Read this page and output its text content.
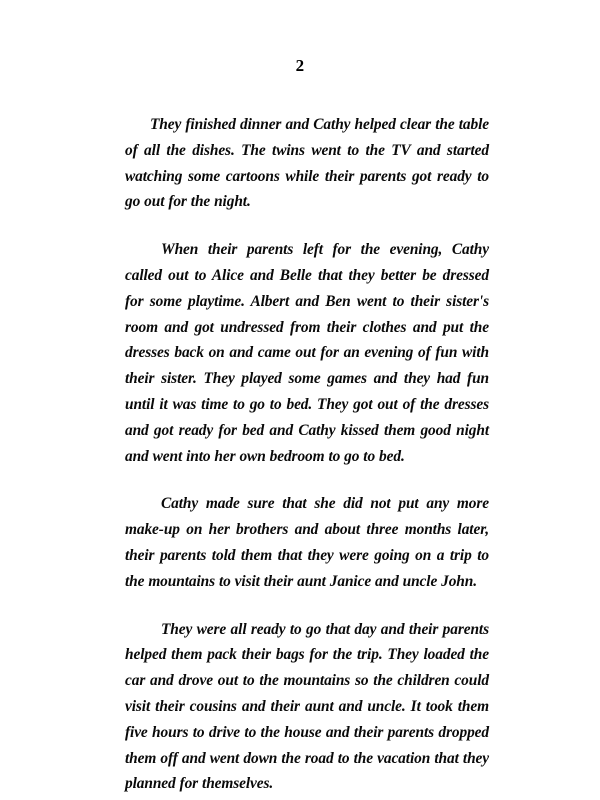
2

They finished dinner and Cathy helped clear the table of all the dishes. The twins went to the TV and started watching some cartoons while their parents got ready to go out for the night.

When their parents left for the evening, Cathy called out to Alice and Belle that they better be dressed for some playtime. Albert and Ben went to their sister's room and got undressed from their clothes and put the dresses back on and came out for an evening of fun with their sister. They played some games and they had fun until it was time to go to bed. They got out of the dresses and got ready for bed and Cathy kissed them good night and went into her own bedroom to go to bed.

Cathy made sure that she did not put any more make-up on her brothers and about three months later, their parents told them that they were going on a trip to the mountains to visit their aunt Janice and uncle John.

They were all ready to go that day and their parents helped them pack their bags for the trip. They loaded the car and drove out to the mountains so the children could visit their cousins and their aunt and uncle. It took them five hours to drive to the house and their parents dropped them off and went down the road to the vacation that they planned for themselves.
